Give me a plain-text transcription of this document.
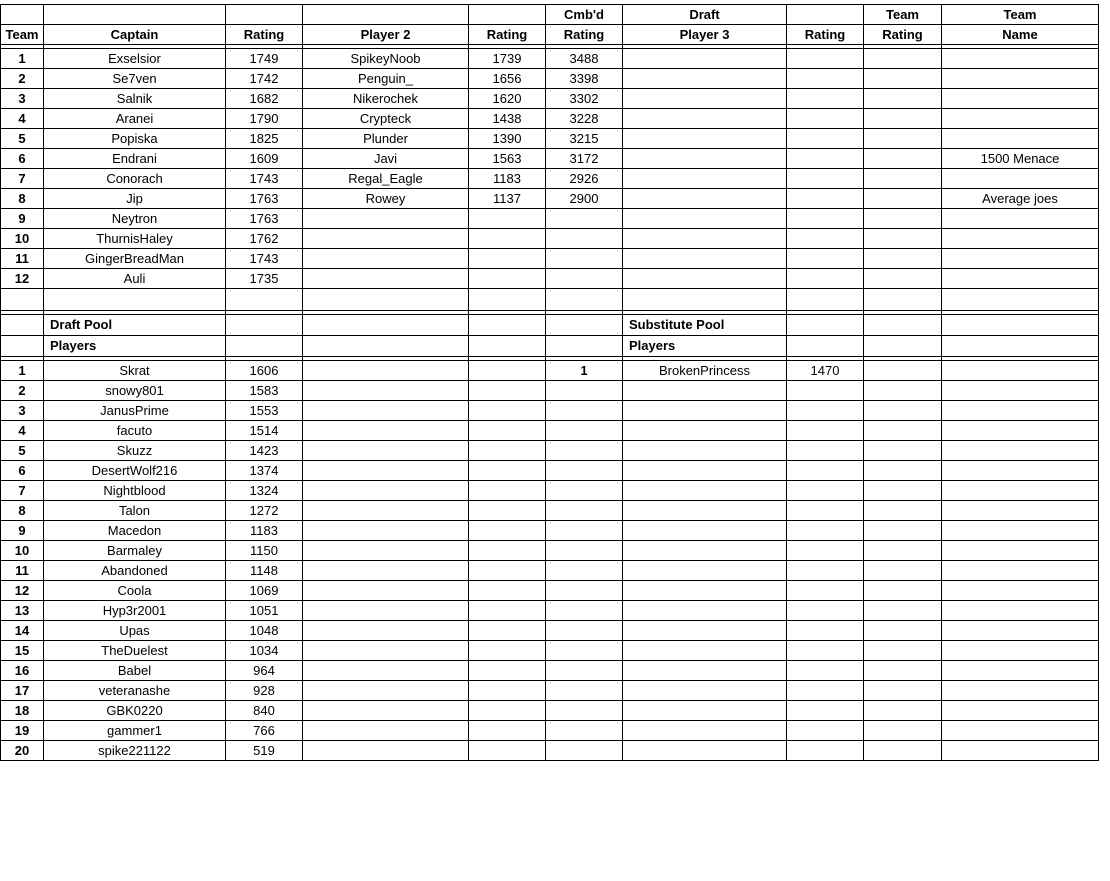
					Cmb'd	Draft		Team	Team
Team	Captain	Rating	Player 2	Rating	Rating	Player 3	Rating	Rating	Name

1	Exselsior	1749	SpikeyNoob	1739	3488				
2	Se7ven	1742	Penguin_	1656	3398				
3	Salnik	1682	Nikerochek	1620	3302				
4	Aranei	1790	Crypteck	1438	3228				
5	Popiska	1825	Plunder	1390	3215				
6	Endrani	1609	Javi	1563	3172				1500 Menace
7	Conorach	1743	Regal_Eagle	1183	2926				
8	Jip	1763	Rowey	1137	2900				Average joes
9	Neytron	1763							
10	ThurnisHaley	1762							
11	GingerBreadMan	1743							
12	Auli	1735							

	Draft Pool					Substitute Pool			
	Players					Players			

1	Skrat	1606			1	BrokenPrincess	1470		
2	snowy801	1583							
3	JanusPrime	1553							
4	facuto	1514							
5	Skuzz	1423							
6	DesertWolf216	1374							
7	Nightblood	1324							
8	Talon	1272							
9	Macedon	1183							
10	Barmaley	1150							
11	Abandoned	1148							
12	Coola	1069							
13	Hyp3r2001	1051							
14	Upas	1048							
15	TheDuelest	1034							
16	Babel	964							
17	veteranashe	928							
18	GBK0220	840							
19	gammer1	766							
20	spike221122	519							
